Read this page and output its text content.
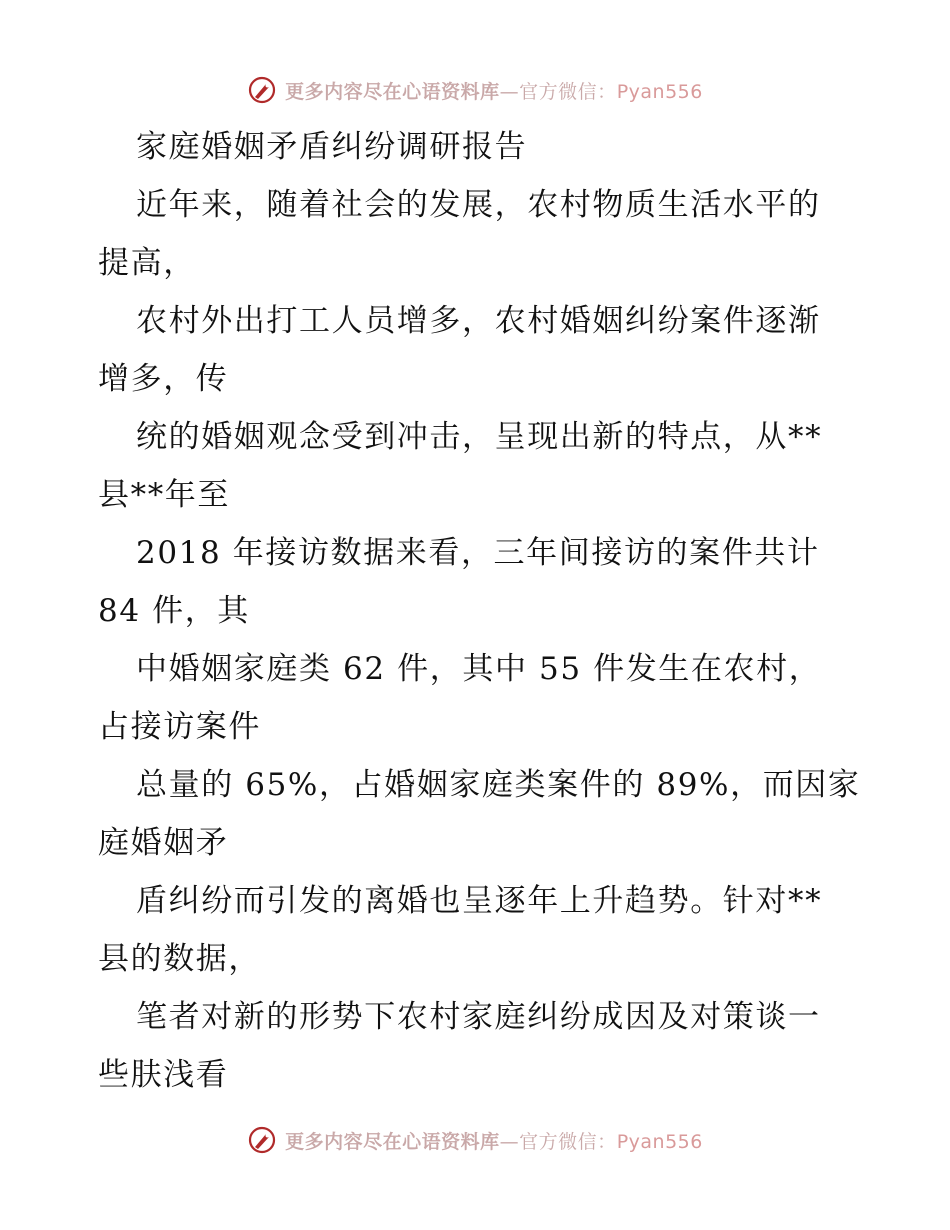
更多内容尽在心语资料库—官方微信：Pyan556
家庭婚姻矛盾纠纷调研报告
近年来，随着社会的发展，农村物质生活水平的
提高，
农村外出打工人员增多，农村婚姻纠纷案件逐渐
增多，传
统的婚姻观念受到冲击，呈现出新的特点，从**
县**年至
2018 年接访数据来看，三年间接访的案件共计
84 件，其
中婚姻家庭类 62 件，其中 55 件发生在农村，
占接访案件
总量的 65%，占婚姻家庭类案件的 89%，而因家
庭婚姻矛
盾纠纷而引发的离婚也呈逐年上升趋势。针对**
县的数据，
笔者对新的形势下农村家庭纠纷成因及对策谈一
些肤浅看
更多内容尽在心语资料库—官方微信：Pyan556
